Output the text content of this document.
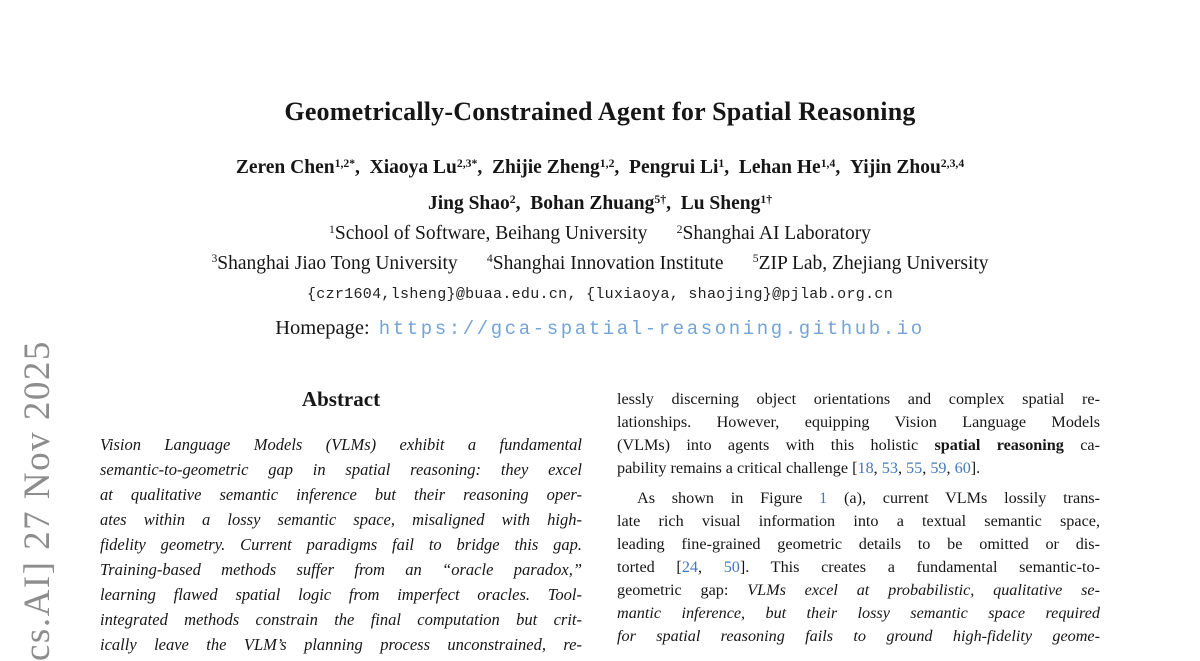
cs.AI] 27 Nov 2025
Geometrically-Constrained Agent for Spatial Reasoning
Zeren Chen$^{1,2*}$,  Xiaoya $Lu^{2,3*}$,  Zhijie Zheng$^{1,2}$,  Pengrui Li$^1$,  Lehan He$^{1,4}$,  Yijin Zhou$^{2,3,4}$
Jing Shao$^2$,  Bohan Zhuang$^{5\dagger}$,  Lu Sheng$^{1\dagger}$
$^1$School of Software, Beihang University  	$^2$Shanghai AI Laboratory
$^3$Shanghai Jiao Tong University  	$^4$Shanghai Innovation Institute  	$^5$ZIP Lab, Zhejiang University
{czr1604,lsheng}@buaa.edu.cn, {luxiaoya, shaojing}@pjlab.org.cn
Homepage: https://gca-spatial-reasoning.github.io
Abstract
Vision Language Models (VLMs) exhibit a fundamental
semantic-to-geometric gap in spatial reasoning: they excel
at qualitative semantic inference but their reasoning oper-
ates within a lossy semantic space, misaligned with high-
fidelity geometry. Current paradigms fail to bridge this gap.
Training-based methods suffer from an “oracle paradox,”
learning flawed spatial logic from imperfect oracles. Tool-
integrated methods constrain the final computation but crit-
ically leave the VLM’s planning process unconstrained, re-
lessly discerning object orientations and complex spatial re-
lationships. However, equipping Vision Language Models
(VLMs) into agents with this holistic spatial reasoning ca-
pability remains a critical challenge [18, 53, 55, 59, 60].
As shown in Figure 1 (a), current VLMs lossily trans-
late rich visual information into a textual semantic space,
leading fine-grained geometric details to be omitted or dis-
torted [24, 50]. This creates a fundamental semantic-to-
geometric gap: VLMs excel at probabilistic, qualitative se-
mantic inference, but their lossy semantic space required
for spatial reasoning fails to ground high-fidelity geome-
